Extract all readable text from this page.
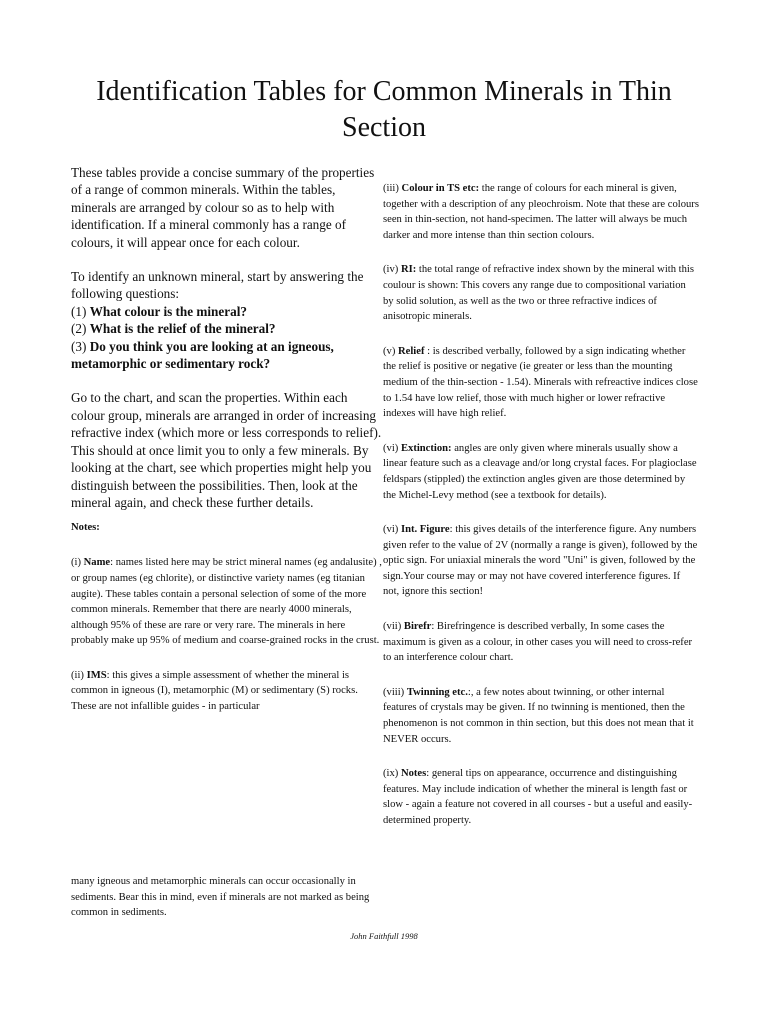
Identification Tables for Common Minerals in Thin Section

These tables provide a concise summary of the properties of a range of common minerals. Within the tables, minerals are arranged by colour so as to help with identification. If a mineral commonly has a range of colours, it will appear once for each colour.

To identify an unknown mineral, start by answering the following questions:

(1) What colour is the mineral?

(2) What is the relief of the mineral?

(3) Do you think you are looking at an igneous, metamorphic or sedimentary rock?

Go to the chart, and scan the properties. Within each colour group, minerals are arranged in order of increasing refractive index (which more or less corresponds to relief). This should at once limit you to only a few minerals. By looking at the chart, see which properties might help you distinguish between the possibilities. Then, look at the mineral again, and check these further details.

Notes:

(i) Name: names listed here may be strict mineral names (eg andalusite) , or group names (eg chlorite), or distinctive variety names (eg titanian augite). These tables contain a personal selection of some of the more common minerals. Remember that there are nearly 4000 minerals, although 95% of these are rare or very rare. The minerals in here probably make up 95% of medium and coarse-grained rocks in the crust.

(ii) IMS: this gives a simple assessment of whether the mineral is common in igneous (I), metamorphic (M) or sedimentary (S) rocks. These are not infallible guides - in particular

many igneous and metamorphic minerals can occur occasionally in sediments. Bear this in mind, even if minerals are not marked as being common in sediments.

(iii) Colour in TS etc: the range of colours for each mineral is given, together with a description of any pleochroism. Note that these are colours seen in thin-section, not hand-specimen. The latter will always be much darker and more intense than thin section colours.

(iv) RI: the total range of refractive index shown by the mineral with this coulour is shown: This covers any range due to compositional variation by solid solution, as well as the two or three refractive indices of anisotropic minerals.

(v) Relief : is described verbally, followed by a sign indicating whether the relief is positive or negative (ie greater or less than the mounting medium of the thin-section - 1.54). Minerals with refreactive indices close to 1.54 have low relief, those with much higher or lower refractive indexes will have high relief.

(vi) Extinction: angles are only given where minerals usually show a linear feature such as a cleavage and/or long crystal faces. For plagioclase feldspars (stippled) the extinction angles given are those determined by the Michel-Levy method (see a textbook for details).

(vi) Int. Figure: this gives details of the interference figure. Any numbers given refer to the value of 2V (normally a range is given), followed by the optic sign. For uniaxial minerals the word "Uni" is given, followed by the sign.Your course may or may not have covered interference figures. If not, ignore this section!

(vii) Birefr: Birefringence is described verbally, In some cases the maximum is given as a colour, in other cases you will need to cross-refer to an interference colour chart.

(viii) Twinning etc.:, a few notes about twinning, or other internal features of crystals may be given. If no twinning is mentioned, then the phenomenon is not common in thin section, but this does not mean that it NEVER occurs.

(ix) Notes: general tips on appearance, occurrence and distinguishing features. May include indication of whether the mineral is length fast or slow - again a feature not covered in all courses - but a useful and easily-determined property.

John Faithfull 1998
